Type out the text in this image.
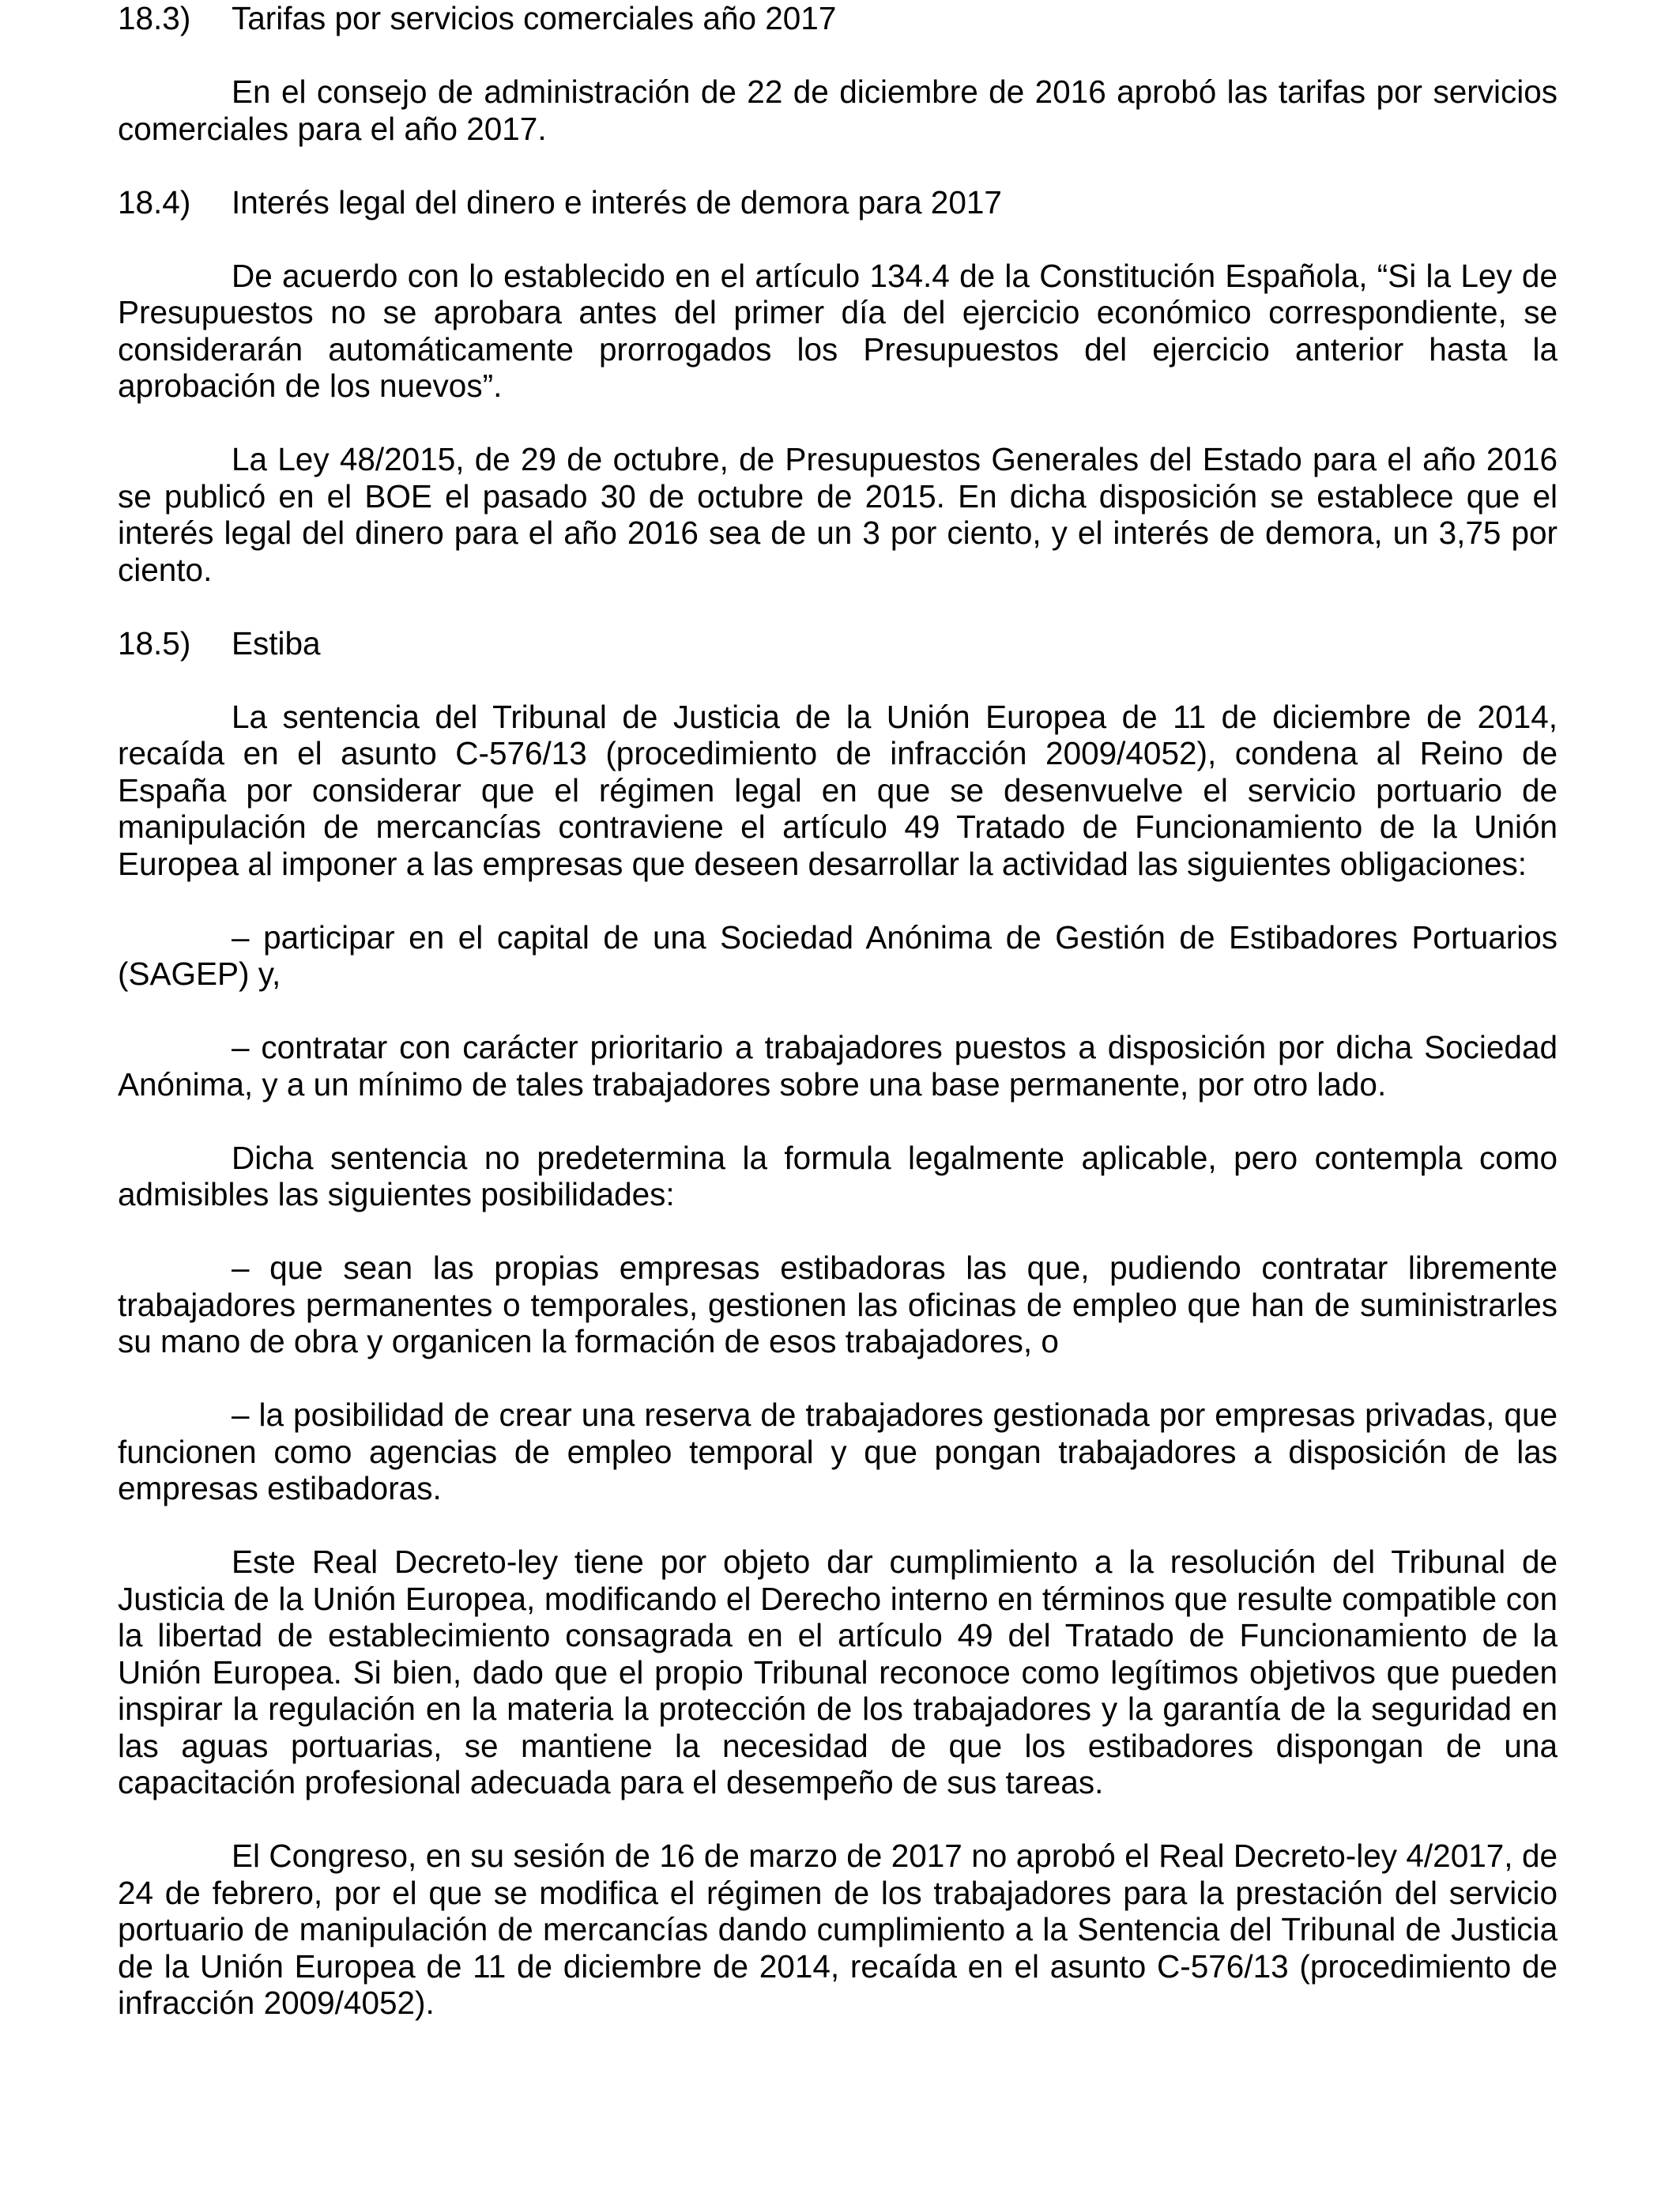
18.3) Tarifas por servicios comerciales año 2017

En el consejo de administración de 22 de diciembre de 2016 aprobó las tarifas por servicios comerciales para el año 2017.

18.4) Interés legal del dinero e interés de demora para 2017

De acuerdo con lo establecido en el artículo 134.4 de la Constitución Española, “Si la Ley de Presupuestos no se aprobara antes del primer día del ejercicio económico correspondiente, se considerarán automáticamente prorrogados los Presupuestos del ejercicio anterior hasta la aprobación de los nuevos”.

La Ley 48/2015, de 29 de octubre, de Presupuestos Generales del Estado para el año 2016 se publicó en el BOE el pasado 30 de octubre de 2015. En dicha disposición se establece que el interés legal del dinero para el año 2016 sea de un 3 por ciento, y el interés de demora, un 3,75 por ciento.

18.5) Estiba

La sentencia del Tribunal de Justicia de la Unión Europea de 11 de diciembre de 2014, recaída en el asunto C-576/13 (procedimiento de infracción 2009/4052), condena al Reino de España por considerar que el régimen legal en que se desenvuelve el servicio portuario de manipulación de mercancías contraviene el artículo 49 Tratado de Funcionamiento de la Unión Europea al imponer a las empresas que deseen desarrollar la actividad las siguientes obligaciones:

– participar en el capital de una Sociedad Anónima de Gestión de Estibadores Portuarios (SAGEP) y,

– contratar con carácter prioritario a trabajadores puestos a disposición por dicha Sociedad Anónima, y a un mínimo de tales trabajadores sobre una base permanente, por otro lado.

Dicha sentencia no predetermina la formula legalmente aplicable, pero contempla como admisibles las siguientes posibilidades:

– que sean las propias empresas estibadoras las que, pudiendo contratar libremente trabajadores permanentes o temporales, gestionen las oficinas de empleo que han de suministrarles su mano de obra y organicen la formación de esos trabajadores, o

– la posibilidad de crear una reserva de trabajadores gestionada por empresas privadas, que funcionen como agencias de empleo temporal y que pongan trabajadores a disposición de las empresas estibadoras.

Este Real Decreto-ley tiene por objeto dar cumplimiento a la resolución del Tribunal de Justicia de la Unión Europea, modificando el Derecho interno en términos que resulte compatible con la libertad de establecimiento consagrada en el artículo 49 del Tratado de Funcionamiento de la Unión Europea. Si bien, dado que el propio Tribunal reconoce como legítimos objetivos que pueden inspirar la regulación en la materia la protección de los trabajadores y la garantía de la seguridad en las aguas portuarias, se mantiene la necesidad de que los estibadores dispongan de una capacitación profesional adecuada para el desempeño de sus tareas.

El Congreso, en su sesión de 16 de marzo de 2017 no aprobó el Real Decreto-ley 4/2017, de 24 de febrero, por el que se modifica el régimen de los trabajadores para la prestación del servicio portuario de manipulación de mercancías dando cumplimiento a la Sentencia del Tribunal de Justicia de la Unión Europea de 11 de diciembre de 2014, recaída en el asunto C-576/13 (procedimiento de infracción 2009/4052).
